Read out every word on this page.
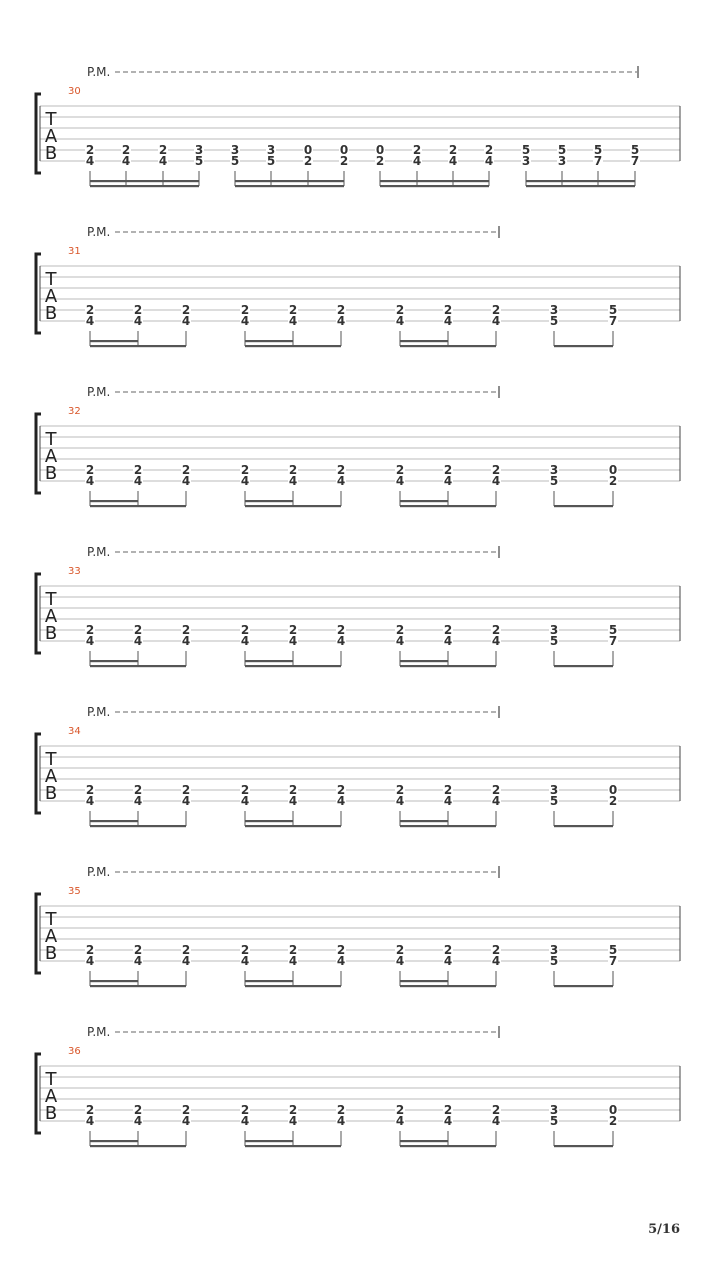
P.M.
30
T
A
B 2
4
2
4
2
4
3
5
3
5
3
5
0
2
0
2
0
2
2
4
2
4
2
4
5
3
5
3
5
7
5
7
P.M.
31
T
A
B 2
4
2
4
2
4
2
4
2
4
2
4
2
4
2
4
2
4
3
5
5
7
P.M.
32
T
A
B 2
4
2
4
2
4
2
4
2
4
2
4
2
4
2
4
2
4
3
5
0
2
P.M.
33
T
A
B 2
4
2
4
2
4
2
4
2
4
2
4
2
4
2
4
2
4
3
5
5
7
P.M.
34
T
A
B 2
4
2
4
2
4
2
4
2
4
2
4
2
4
2
4
2
4
3
5
0
2
P.M.
35
T
A
B 2
4
2
4
2
4
2
4
2
4
2
4
2
4
2
4
2
4
3
5
5
7
P.M.
36
T
A
B 2
4
2
4
2
4
2
4
2
4
2
4
2
4
2
4
2
4
3
5
0
2
5/16
